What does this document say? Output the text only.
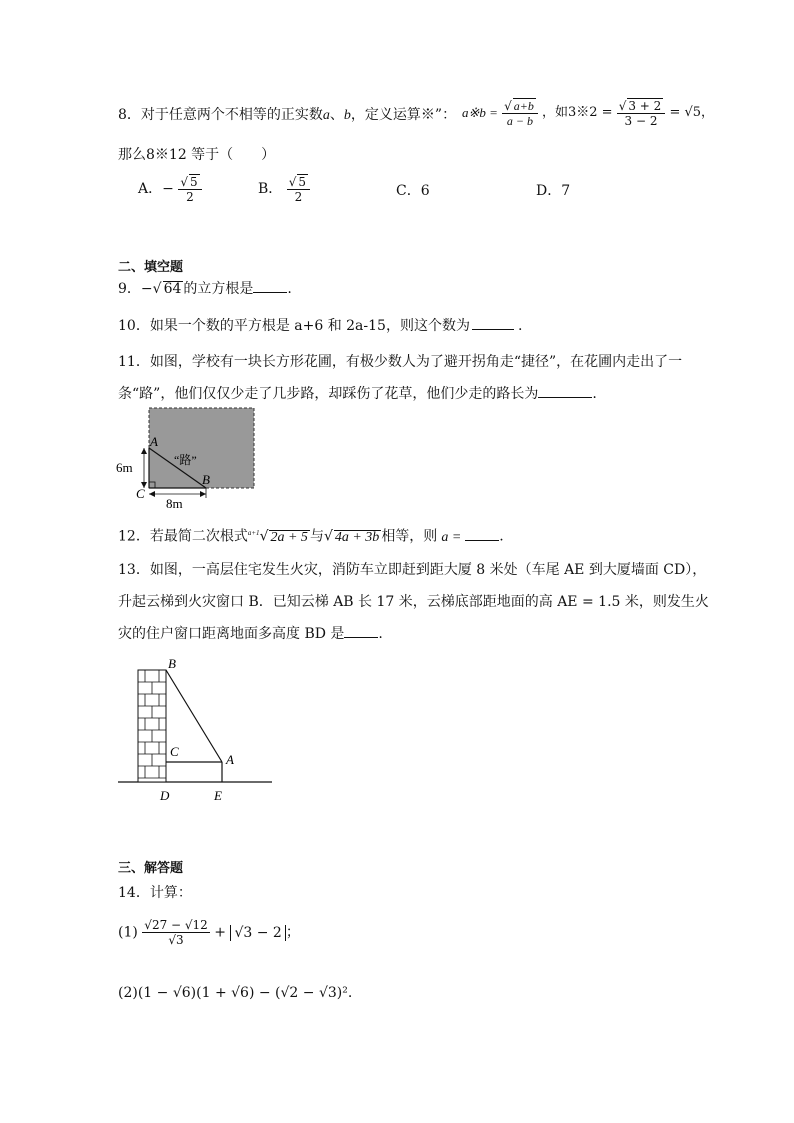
8．对于任意两个不相等的正实数a、b，定义运算※”： a※b = $\frac{√ a+b}{a - b}$ ，如3※2 = $\frac{√ 3 + 2}{3 - 2} = √5$，
那么8※12 等于（　　）
A．− $\frac{√ 5}{2}$	B． $\frac{√ 5}{2}$	C．6	D．7
二、填空题
9．−√ 64 的立方根是 .
10．如果一个数的平方根是 a+6 和 2a-15，则这个数为	.
11．如图，学校有一块长方形花圃，有极少数人为了避开拐角走“捷径”，在花圃内走出了一
条“路”，他们仅仅少走了几步路，却踩伤了花草，他们少走的路长为	.
A
B
C
“路”
6m
8m
12．若最简二次根式$^{a+1}$√ 2a + 5 与√ 4a + 3b 相等，则 a =	.
13．如图，一高层住宅发生火灾，消防车立即赶到距大厦 8 米处（车尾 AE 到大厦墙面 CD），
升起云梯到火灾窗口 B．已知云梯 AB 长 17 米，云梯底部距地面的高 AE = 1.5 米，则发生火
灾的住户窗口距离地面多高度 BD 是 .
B
C
A
D	E
三、解答题
14．计算：
$(1) \frac{√27 - √12}{√3} + √3 - 2$ ；
(2)(1 − √6)(1 + √6) − (√2 − √3)².
